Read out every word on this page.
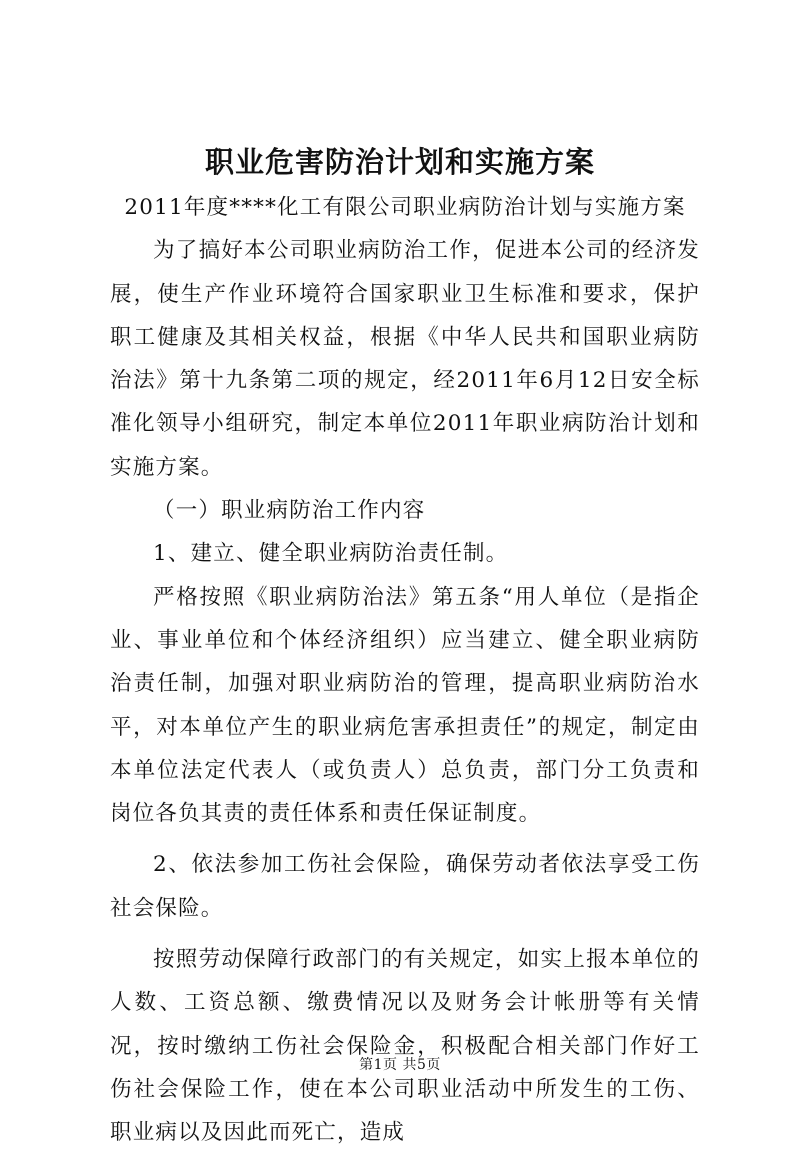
职业危害防治计划和实施方案

2011年度****化工有限公司职业病防治计划与实施方案

为了搞好本公司职业病防治工作，促进本公司的经济发展，使生产作业环境符合国家职业卫生标准和要求，保护职工健康及其相关权益，根据《中华人民共和国职业病防治法》第十九条第二项的规定，经2011年6月12日安全标准化领导小组研究，制定本单位2011年职业病防治计划和实施方案。

（一）职业病防治工作内容

1、建立、健全职业病防治责任制。

严格按照《职业病防治法》第五条“用人单位（是指企业、事业单位和个体经济组织）应当建立、健全职业病防治责任制，加强对职业病防治的管理，提高职业病防治水平，对本单位产生的职业病危害承担责任”的规定，制定由本单位法定代表人（或负责人）总负责，部门分工负责和岗位各负其责的责任体系和责任保证制度。

2、依法参加工伤社会保险，确保劳动者依法享受工伤社会保险。

按照劳动保障行政部门的有关规定，如实上报本单位的人数、工资总额、缴费情况以及财务会计帐册等有关情况，按时缴纳工伤社会保险金，积极配合相关部门作好工伤社会保险工作，使在本公司职业活动中所发生的工伤、职业病以及因此而死亡，造成

第1页 共5页
